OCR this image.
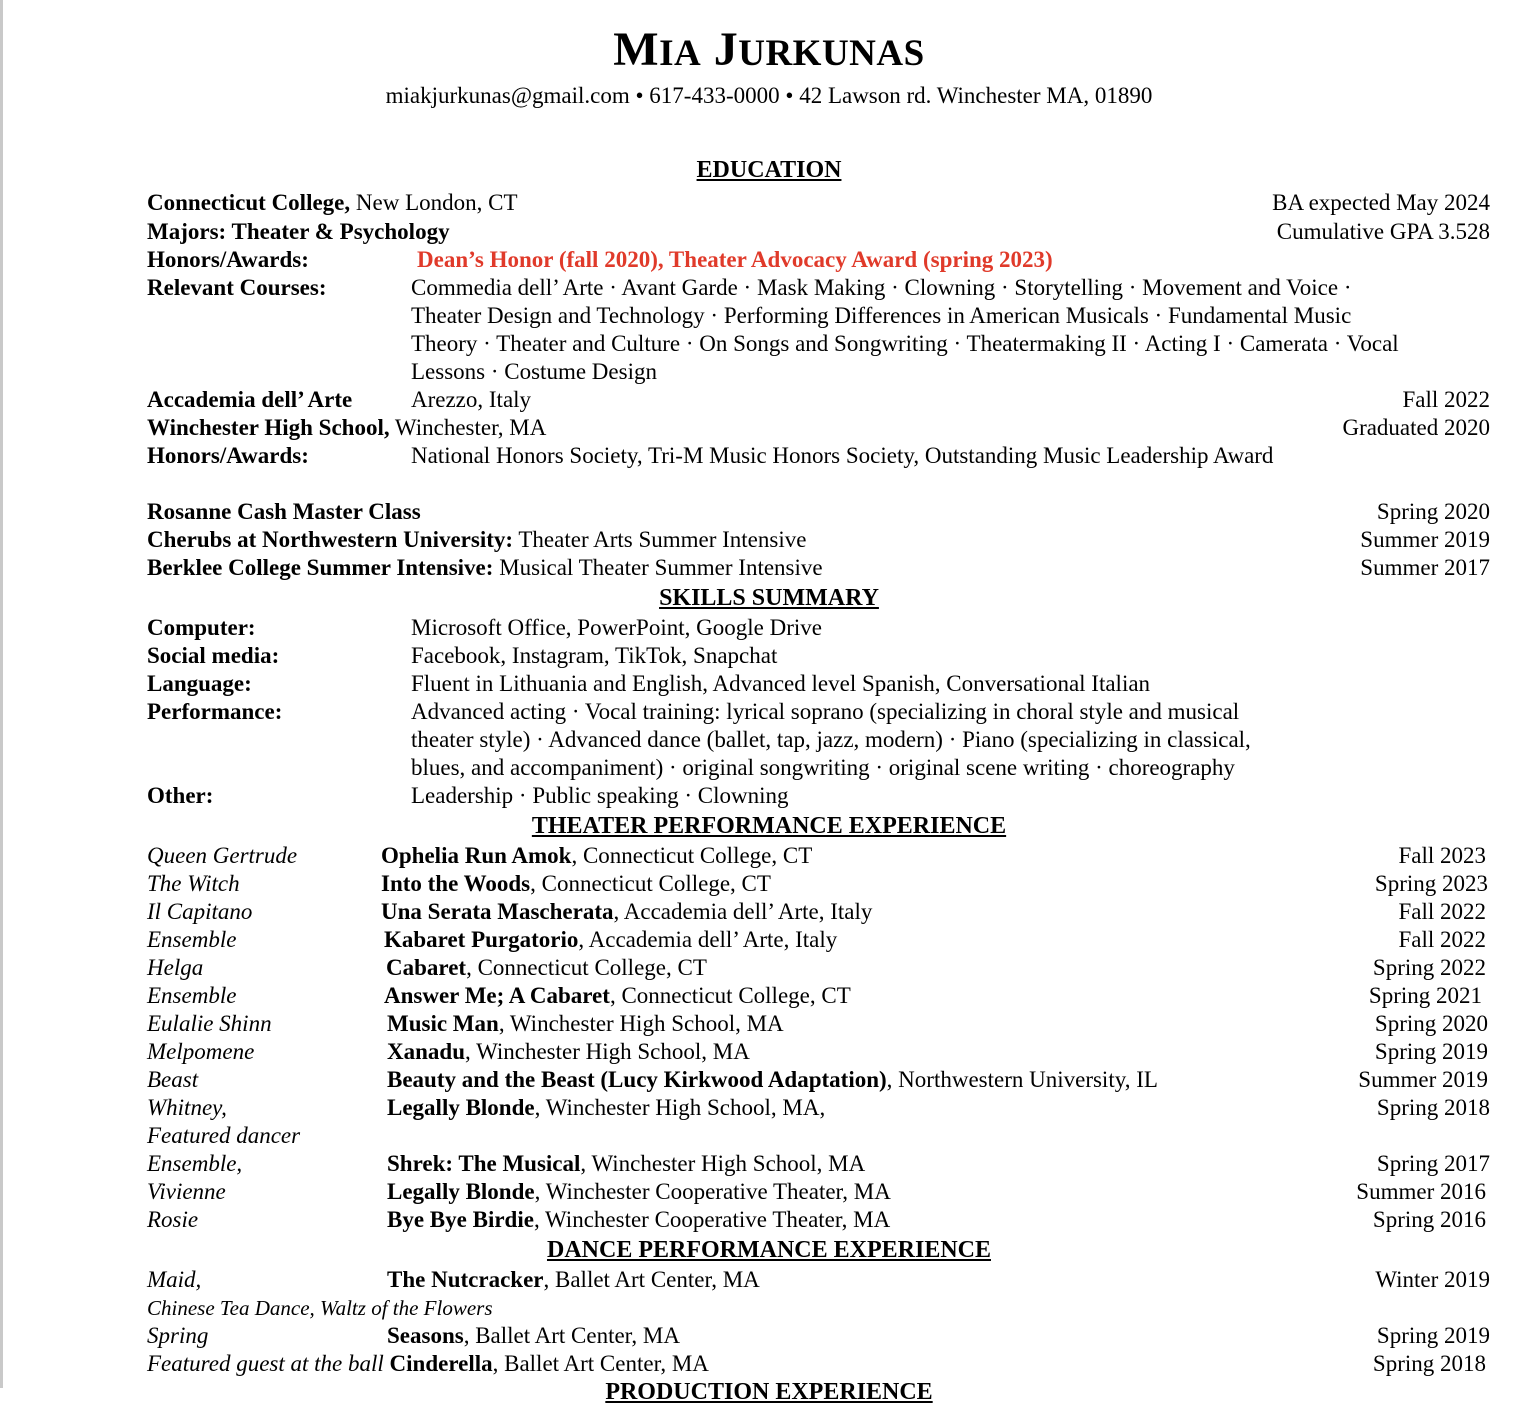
MIA JURKUNAS
miakjurkunas@gmail.com • 617-433-0000 • 42 Lawson rd. Winchester MA, 01890
EDUCATION
Connecticut College, New London, CT	BA expected May 2024
Majors: Theater & Psychology	Cumulative GPA 3.528
Honors/Awards:	Dean’s Honor (fall 2020), Theater Advocacy Award (spring 2023)
Relevant Courses:	Commedia dell’ Arte · Avant Garde · Mask Making · Clowning · Storytelling · Movement and Voice ·
Theater Design and Technology · Performing Differences in American Musicals · Fundamental Music
Theory · Theater and Culture · On Songs and Songwriting · Theatermaking II · Acting I · Camerata · Vocal
Lessons · Costume Design
Accademia dell’ Arte	Arezzo, Italy	Fall 2022
Winchester High School, Winchester, MA	Graduated 2020
Honors/Awards:	National Honors Society, Tri-M Music Honors Society, Outstanding Music Leadership Award
Rosanne Cash Master Class	Spring 2020
Cherubs at Northwestern University: Theater Arts Summer Intensive	Summer 2019
Berklee College Summer Intensive: Musical Theater Summer Intensive	Summer 2017
SKILLS SUMMARY
Computer:	Microsoft Office, PowerPoint, Google Drive
Social media:	Facebook, Instagram, TikTok, Snapchat
Language:	Fluent in Lithuania and English, Advanced level Spanish, Conversational Italian
Performance:	Advanced acting · Vocal training: lyrical soprano (specializing in choral style and musical
theater style) · Advanced dance (ballet, tap, jazz, modern) · Piano (specializing in classical,
blues, and accompaniment) · original songwriting · original scene writing · choreography
Other:	Leadership · Public speaking · Clowning
THEATER PERFORMANCE EXPERIENCE
Queen Gertrude	Ophelia Run Amok, Connecticut College, CT	Fall 2023
The Witch	Into the Woods, Connecticut College, CT	Spring 2023
Il Capitano	Una Serata Mascherata, Accademia dell’ Arte, Italy	Fall 2022
Ensemble	Kabaret Purgatorio, Accademia dell’ Arte, Italy	Fall 2022
Helga	Cabaret, Connecticut College, CT	Spring 2022
Ensemble	Answer Me; A Cabaret, Connecticut College, CT	Spring 2021
Eulalie Shinn	Music Man, Winchester High School, MA	Spring 2020
Melpomene	Xanadu, Winchester High School, MA	Spring 2019
Beast	Beauty and the Beast (Lucy Kirkwood Adaptation), Northwestern University, IL	Summer 2019
Whitney,	Legally Blonde, Winchester High School, MA,	Spring 2018
Featured dancer
Ensemble,	Shrek: The Musical, Winchester High School, MA	Spring 2017
Vivienne	Legally Blonde, Winchester Cooperative Theater, MA	Summer 2016
Rosie	Bye Bye Birdie, Winchester Cooperative Theater, MA	Spring 2016
DANCE PERFORMANCE EXPERIENCE
Maid,	The Nutcracker, Ballet Art Center, MA	Winter 2019
Chinese Tea Dance, Waltz of the Flowers
Spring	Seasons, Ballet Art Center, MA	Spring 2019
Featured guest at the ball Cinderella, Ballet Art Center, MA	Spring 2018
PRODUCTION EXPERIENCE
